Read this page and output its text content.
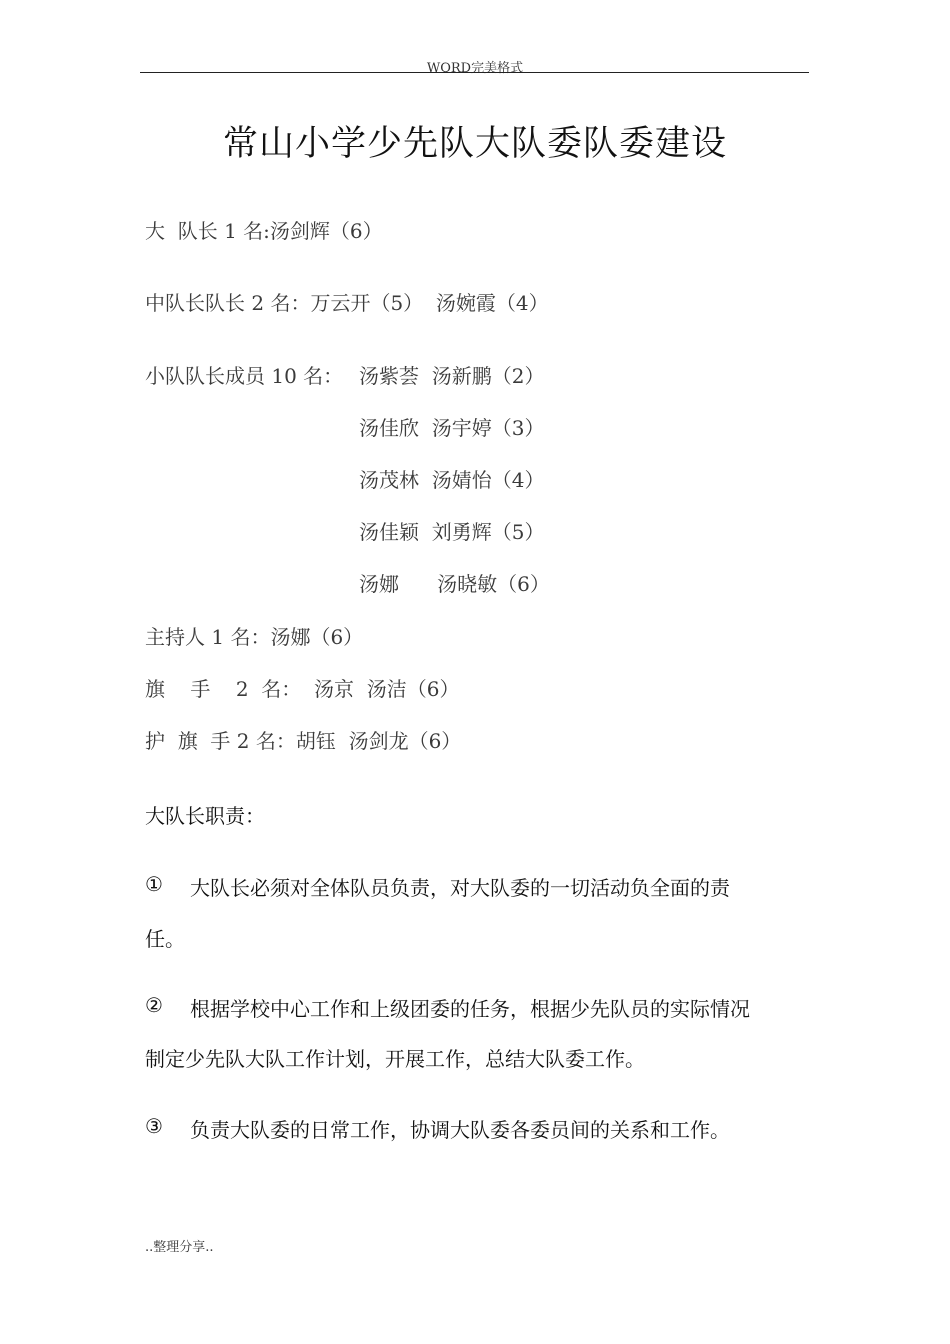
WORD完美格式
常山小学少先队大队委队委建设
大  队长 1 名:汤剑辉（6）
中队长队长 2 名：万云开（5）  汤婉霞（4）
小队队长成员 10 名： 汤紫荟  汤新鹏（2）
汤佳欣  汤宇婷（3）
汤茂林  汤婧怡（4）
汤佳颖  刘勇辉（5）
汤娜      汤晓敏（6）
主持人 1 名：汤娜（6）
旗    手    2  名：  汤京  汤洁（6）
护  旗  手 2 名：胡钰  汤剑龙（6）
大队长职责：
① 大队长必须对全体队员负责，对大队委的一切活动负全面的责
任。
② 根据学校中心工作和上级团委的任务，根据少先队员的实际情况
制定少先队大队工作计划，开展工作，总结大队委工作。
③ 负责大队委的日常工作，协调大队委各委员间的关系和工作。
..整理分享..
